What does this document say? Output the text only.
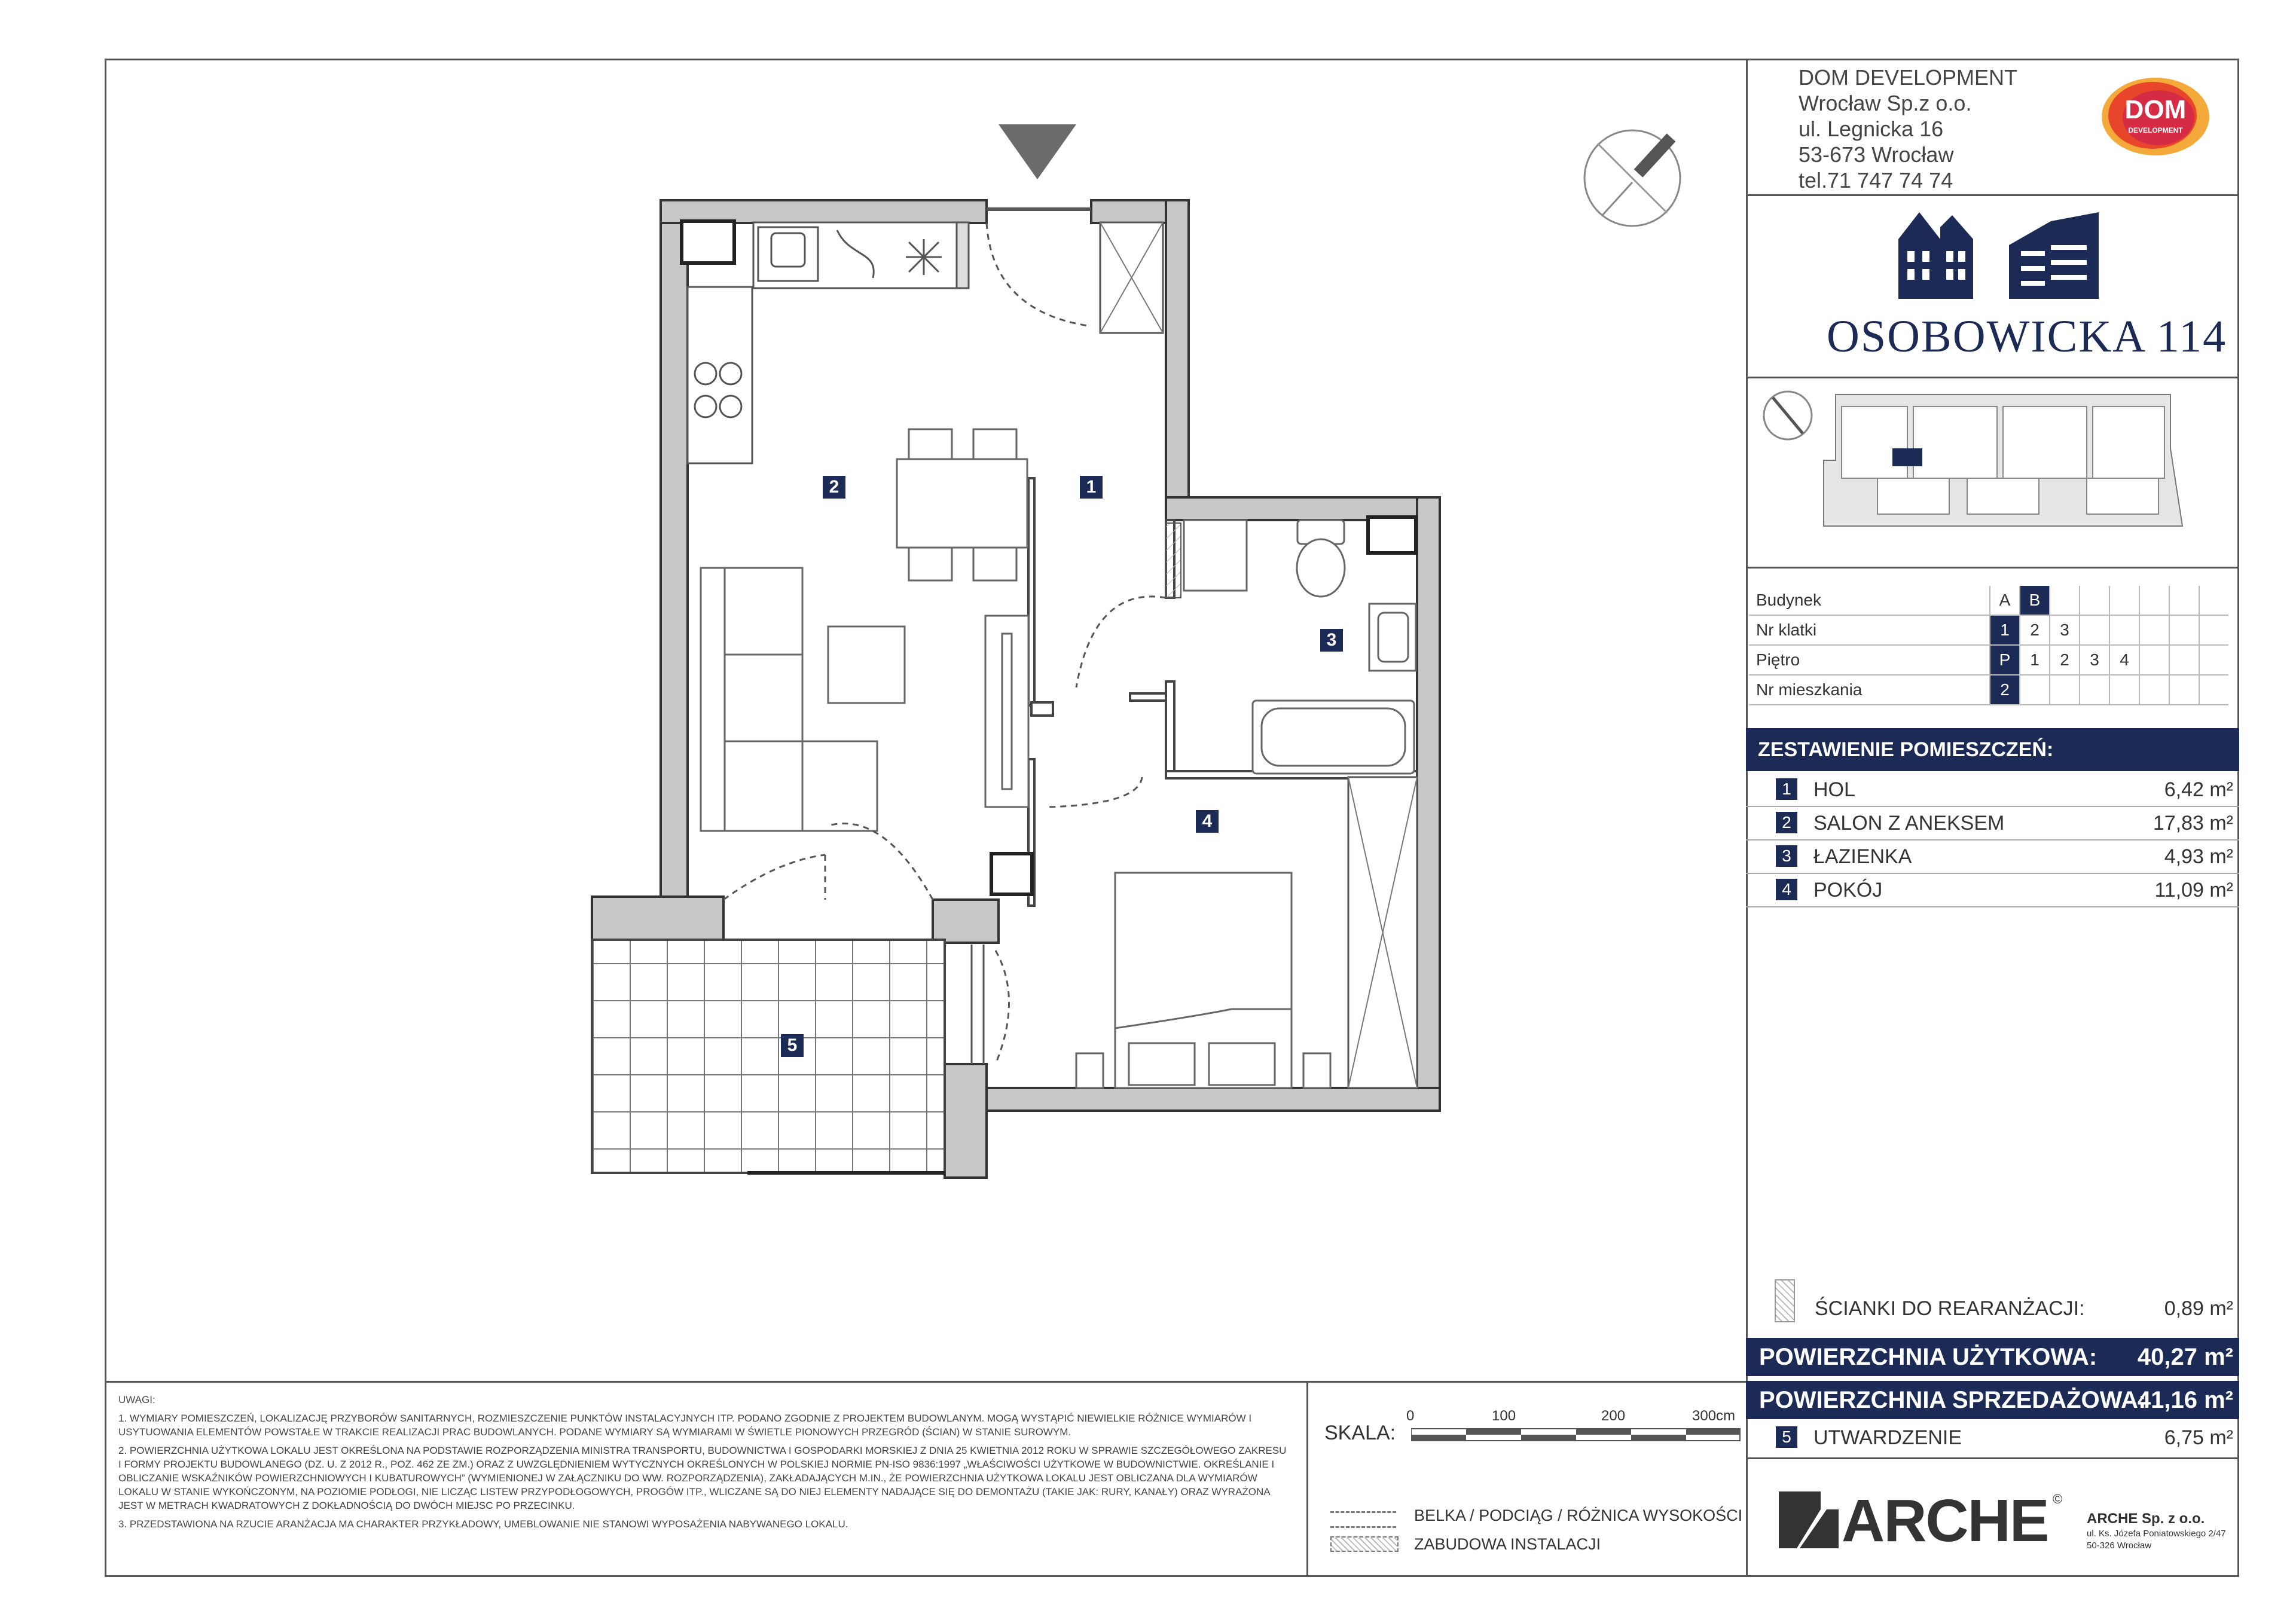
1
2
3
4
5
DOM DEVELOPMENT
Wrocław Sp.z o.o.
ul. Legnicka 16
53-673 Wrocław
tel.71 747 74 74
DOM
DEVELOPMENT
OSOBOWICKA 114
Budynek	A	B						
Nr klatki	1	2	3					
Piętro	P	1	2	3	4			
Nr mieszkania	2							
ZESTAWIENIE POMIESZCZEŃ:
1	HOL	6,42 m²
2	SALON Z ANEKSEM	17,83 m²
3	ŁAZIENKA	4,93 m²
4	POKÓJ	11,09 m²
ŚCIANKI DO REARANŻACJI:	0,89 m²
POWIERZCHNIA UŻYTKOWA: 40,27 m²
POWIERZCHNIA SPRZEDAŻOWA:
41,16 m²
5	UTWARDZENIE	6,75 m²
ARCHE ©
ARCHE Sp. z o.o.
ul. Ks. Józefa Poniatowskiego 2/47
50-326 Wrocław

UWAGI:

1. WYMIARY POMIESZCZEŃ, LOKALIZACJĘ PRZYBORÓW SANITARNYCH, ROZMIESZCZENIE PUNKTÓW INSTALACYJNYCH ITP. PODANO ZGODNIE Z PROJEKTEM BUDOWLANYM. MOGĄ WYSTĄPIĆ NIEWIELKIE RÓŻNICE WYMIARÓW I USYTUOWANIA ELEMENTÓW POWSTAŁE W TRAKCIE REALIZACJI PRAC BUDOWLANYCH. PODANE WYMIARY SĄ WYMIARAMI W ŚWIETLE PIONOWYCH PRZEGRÓD (ŚCIAN) W STANIE SUROWYM.

2. POWIERZCHNIA UŻYTKOWA LOKALU JEST OKREŚLONA NA PODSTAWIE ROZPORZĄDZENIA MINISTRA TRANSPORTU, BUDOWNICTWA I GOSPODARKI MORSKIEJ Z DNIA 25 KWIETNIA 2012 ROKU W SPRAWIE SZCZEGÓŁOWEGO ZAKRESU I FORMY PROJEKTU BUDOWLANEGO (DZ. U. Z 2012 R., POZ. 462 ZE ZM.) ORAZ Z UWZGLĘDNIENIEM WYTYCZNYCH OKREŚLONYCH W POLSKIEJ NORMIE PN-ISO 9836:1997 „WŁAŚCIWOŚCI UŻYTKOWE W BUDOWNICTWIE. OKREŚLANIE I OBLICZANIE WSKAŹNIKÓW POWIERZCHNIOWYCH I KUBATUROWYCH” (WYMIENIONEJ W ZAŁĄCZNIKU DO WW. ROZPORZĄDZENIA), ZAKŁADAJĄCYCH M.IN., ŻE POWIERZCHNIA UŻYTKOWA LOKALU JEST OBLICZANA DLA WYMIARÓW LOKALU W STANIE WYKOŃCZONYM, NA POZIOMIE PODŁOGI, NIE LICZĄC LISTEW PRZYPODŁOGOWYCH, PROGÓW ITP., WLICZANE SĄ DO NIEJ ELEMENTY NADAJĄCE SIĘ DO DEMONTAŻU (TAKIE JAK: RURY, KANAŁY) ORAZ WYRAŻONA JEST W METRACH KWADRATOWYCH Z DOKŁADNOŚCIĄ DO DWÓCH MIEJSC PO PRZECINKU.

3. PRZEDSTAWIONA NA RZUCIE ARANŻACJA MA CHARAKTER PRZYKŁADOWY, UMEBLOWANIE NIE STANOWI WYPOSAŻENIA NABYWANEGO LOKALU.

SKALA:
0	100	200	300cm
BELKA / PODCIĄG / RÓŻNICA WYSOKOŚCI
ZABUDOWA INSTALACJI
